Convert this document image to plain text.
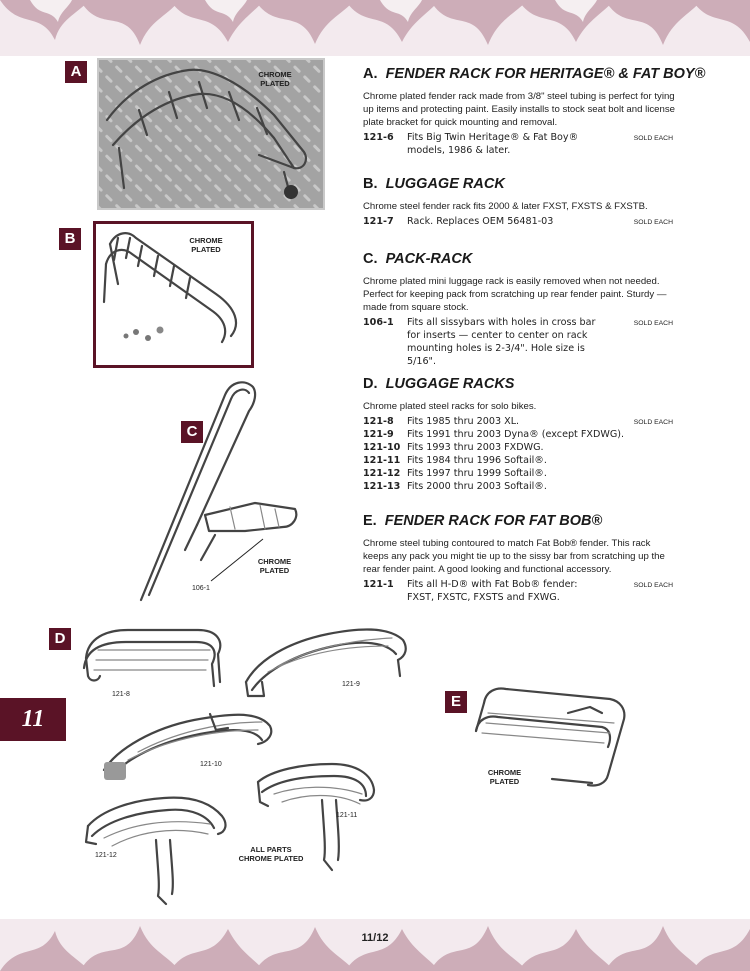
A
B
C
D
E
CHROME
PLATED
CHROME
PLATED
CHROME
PLATED
106-1
121-8
121-9
121-10
121-11
121-12
ALL PARTS
CHROME PLATED
CHROME
PLATED
A. FENDER RACK FOR HERITAGE® & FAT BOY®
Chrome plated fender rack made from 3/8" steel tubing is perfect for tying up items and protecting paint. Easily installs to stock seat bolt and license plate bracket for quick mounting and removal.
121-6	Fits Big Twin Heritage® & Fat Boy® models, 1986 & later.
SOLD EACH
B. LUGGAGE RACK
Chrome steel fender rack fits 2000 & later FXST, FXSTS & FXSTB.
121-7	Rack. Replaces OEM 56481-03	SOLD EACH
C. PACK-RACK
Chrome plated mini luggage rack is easily removed when not needed. Perfect for keeping pack from scratching up rear fender paint. Sturdy — made from square stock.
106-1	Fits all sissybars with holes in cross bar for inserts — center to center on rack mounting holes is 2-3/4". Hole size is 5/16".
SOLD EACH
D. LUGGAGE RACKS
Chrome plated steel racks for solo bikes.
121-8	Fits 1985 thru 2003 XL.	SOLD EACH
121-9	Fits 1991 thru 2003 Dyna® (except FXDWG).
121-10 Fits 1993 thru 2003 FXDWG.
121-11 Fits 1984 thru 1996 Softail®.
121-12 Fits 1997 thru 1999 Softail®.
121-13 Fits 2000 thru 2003 Softail®.
E. FENDER RACK FOR FAT BOB®
Chrome steel tubing contoured to match Fat Bob® fender. This rack keeps any pack you might tie up to the sissy bar from scratching up the rear fender paint. A good looking and functional accessory.
121-1	Fits all H-D® with Fat Bob® fender: FXST, FXSTC, FXSTS and FXWG.
SOLD EACH
11
11/12
